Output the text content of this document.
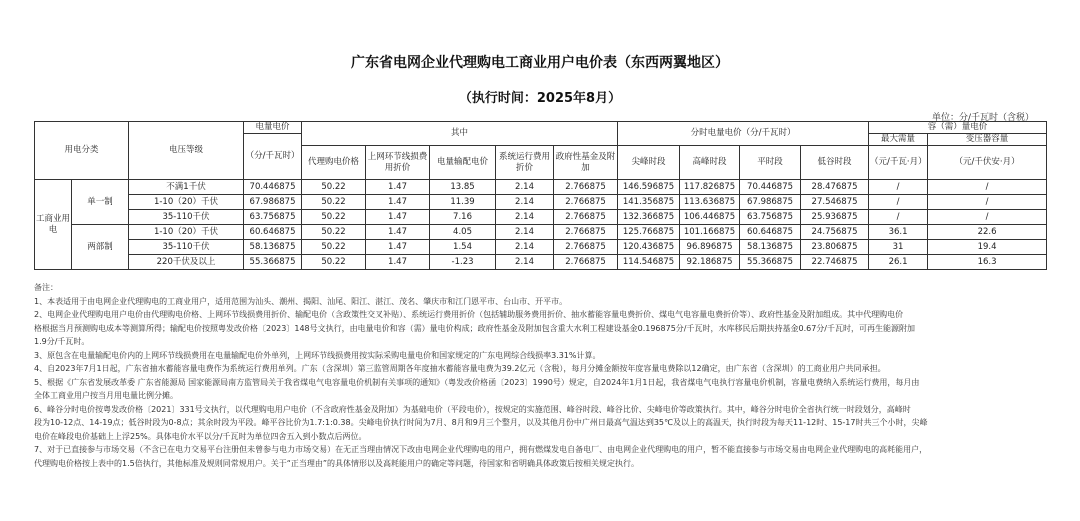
广东省电网企业代理购电工商业用户电价表（东西两翼地区）
（执行时间：2025年8月）
单位：分/千瓦时（含税）
用电分类		电压等级	电量电价	其中					分时电量电价（分/千瓦时）				容（需）量电价	
			（分/千瓦时）										最大需量	变压器容量
				代理购电价格	上网环节线损费用折价	电量输配电价	系统运行费用折价	政府性基金及附加	尖峰时段	高峰时段	平时段	低谷时段	（元/千瓦·月）	（元/千伏安·月）
工商业用电	单一制	不满1千伏	70.446875	50.22	1.47	13.85	2.14	2.766875	146.596875	117.826875	70.446875	28.476875	/	/
		1-10（20）千伏	67.986875	50.22	1.47	11.39	2.14	2.766875	141.356875	113.636875	67.986875	27.546875	/	/
		35-110千伏	63.756875	50.22	1.47	7.16	2.14	2.766875	132.366875	106.446875	63.756875	25.936875	/	/
	两部制	1-10（20）千伏	60.646875	50.22	1.47	4.05	2.14	2.766875	125.766875	101.166875	60.646875	24.756875	36.1	22.6
		35-110千伏	58.136875	50.22	1.47	1.54	2.14	2.766875	120.436875	96.896875	58.136875	23.806875	31	19.4
		220千伏及以上	55.366875	50.22	1.47	-1.23	2.14	2.766875	114.546875	92.186875	55.366875	22.746875	26.1	16.3

备注：

1、本表适用于由电网企业代理购电的工商业用户，适用范围为汕头、潮州、揭阳、汕尾、阳江、湛江、茂名、肇庆市和江门恩平市、台山市、开平市。

2、电网企业代理购电用户电价由代理购电价格、上网环节线损费用折价、输配电价（含政策性交叉补贴）、系统运行费用折价（包括辅助服务费用折价、抽水蓄能容量电费折价、煤电气电容量电费折价等）、政府性基金及附加组成。其中代理购电价

格根据当月预测购电成本等测算所得；输配电价按照粤发改价格〔2023〕148号文执行，由电量电价和容（需）量电价构成；政府性基金及附加包含重大水利工程建设基金0.196875分/千瓦时，水库移民后期扶持基金0.67分/千瓦时，可再生能源附加

1.9分/千瓦时。

3、原包含在电量输配电价内的上网环节线损费用在电量输配电价外单列，上网环节线损费用按实际采购电量电价和国家规定的广东电网综合线损率3.31%计算。

4、自2023年7月1日起，广东省抽水蓄能容量电费作为系统运行费用单列。广东（含深圳）第三监管周期各年度抽水蓄能容量电费为39.2亿元（含税），每月分摊金额按年度容量电费除以12确定，由广东省（含深圳）的工商业用户共同承担。

5、根据《广东省发展改革委 广东省能源局 国家能源局南方监管局关于我省煤电气电容量电价机制有关事项的通知》（粤发改价格函〔2023〕1990号）规定，自2024年1月1日起，我省煤电气电执行容量电价机制，容量电费纳入系统运行费用，每月由

全体工商业用户按当月用电量比例分摊。

6、峰谷分时电价按粤发改价格〔2021〕331号文执行，以代理购电用户电价（不含政府性基金及附加）为基础电价（平段电价），按规定的实施范围、峰谷时段、峰谷比价、尖峰电价等政策执行。其中，峰谷分时电价全省执行统一时段划分，高峰时

段为10-12点、14-19点；低谷时段为0-8点；其余时段为平段。峰平谷比价为1.7:1:0.38。尖峰电价执行时间为7月、8月和9月三个整月，以及其他月份中广州日最高气温达到35℃及以上的高温天，执行时段为每天11-12时、15-17时共三个小时，尖峰

电价在峰段电价基础上上浮25%。具体电价水平以分/千瓦时为单位四舍五入到小数点后两位。

7、对于已直接参与市场交易（不含已在电力交易平台注册但未曾参与电力市场交易）在无正当理由情况下改由电网企业代理购电的用户，拥有燃煤发电自备电厂、由电网企业代理购电的用户，暂不能直接参与市场交易由电网企业代理购电的高耗能用户，

代理购电价格按上表中的1.5倍执行，其他标准及规则同常规用户。关于“正当理由”的具体情形以及高耗能用户的确定等问题，待国家和省明确具体政策后按相关规定执行。
